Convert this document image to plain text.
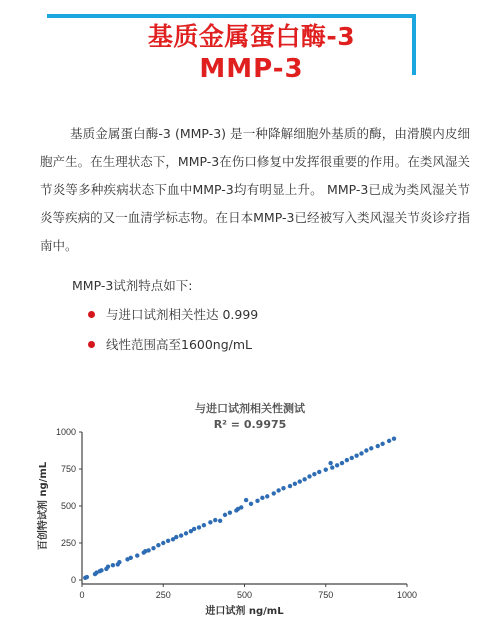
基质金属蛋白酶-3
MMP-3

基质金属蛋白酶-3 (MMP-3) 是一种降解细胞外基质的酶，由滑膜内皮细胞产生。在生理状态下，MMP-3在伤口修复中发挥很重要的作用。在类风湿关节炎等多种疾病状态下血中MMP-3均有明显上升。 MMP-3已成为类风湿关节炎等疾病的又一血清学标志物。在日本MMP-3已经被写入类风湿关节炎诊疗指南中。

MMP-3试剂特点如下:
与进口试剂相关性达 0.999
线性范围高至1600ng/mL
与进口试剂相关性测试
R² = 0.9975
0
250
500
750
1000
0	250	500	750	1000
进口试剂 ng/mL
百创特试剂 ng/mL
